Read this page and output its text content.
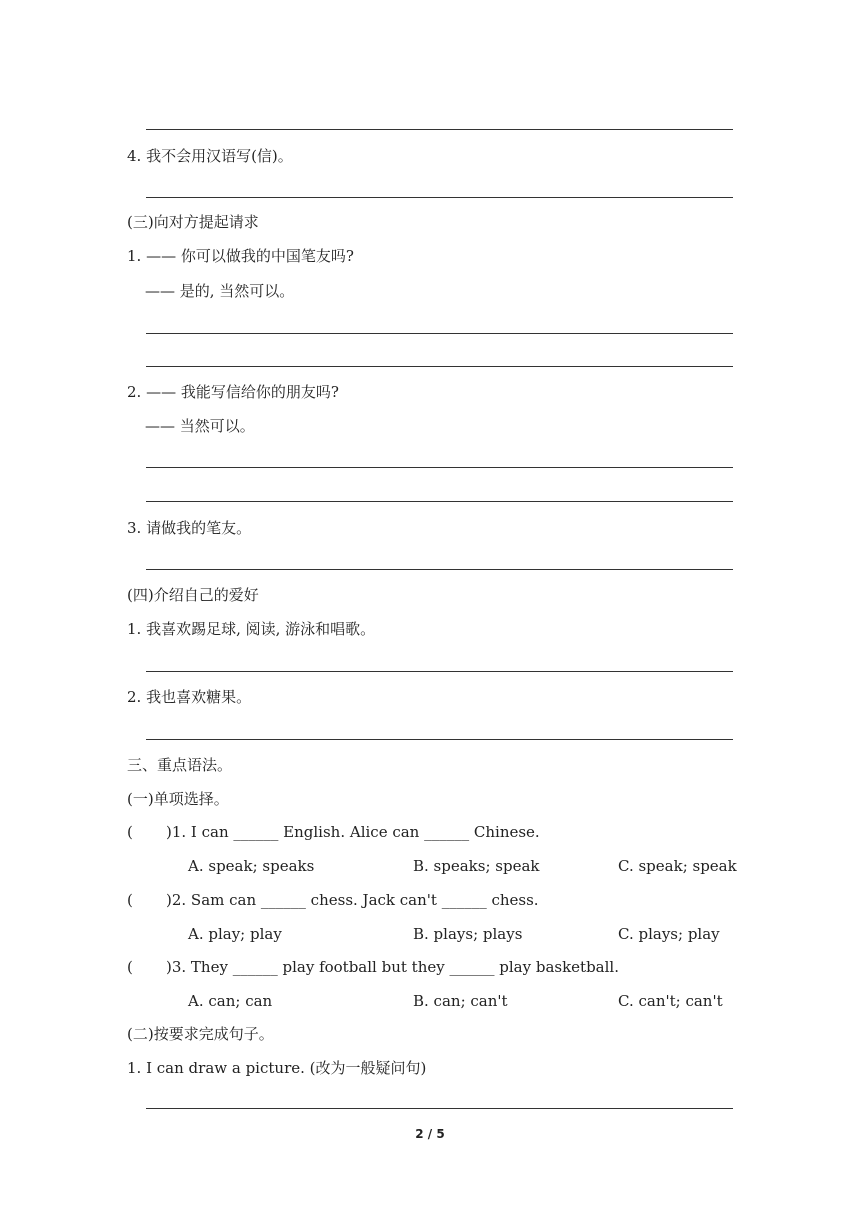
4. 我不会用汉语写(信)。
(三)向对方提起请求
1. —— 你可以做我的中国笔友吗?
—— 是的, 当然可以。
2. —— 我能写信给你的朋友吗?
—— 当然可以。
3. 请做我的笔友。
(四)介绍自己的爱好
1. 我喜欢踢足球, 阅读, 游泳和唱歌。
2. 我也喜欢糖果。
三、重点语法。
(一)单项选择。
( )1. I can ______ English. Alice can ______ Chinese.
A. speak; speaks	B. speaks; speak	C. speak; speak
( )2. Sam can ______ chess. Jack can't ______ chess.
A. play; play	B. plays; plays	C. plays; play
( )3. They ______ play football but they ______ play basketball.
A. can; can	B. can; can't	C. can't; can't
(二)按要求完成句子。
1. I can draw a picture. (改为一般疑问句)
2 / 5
